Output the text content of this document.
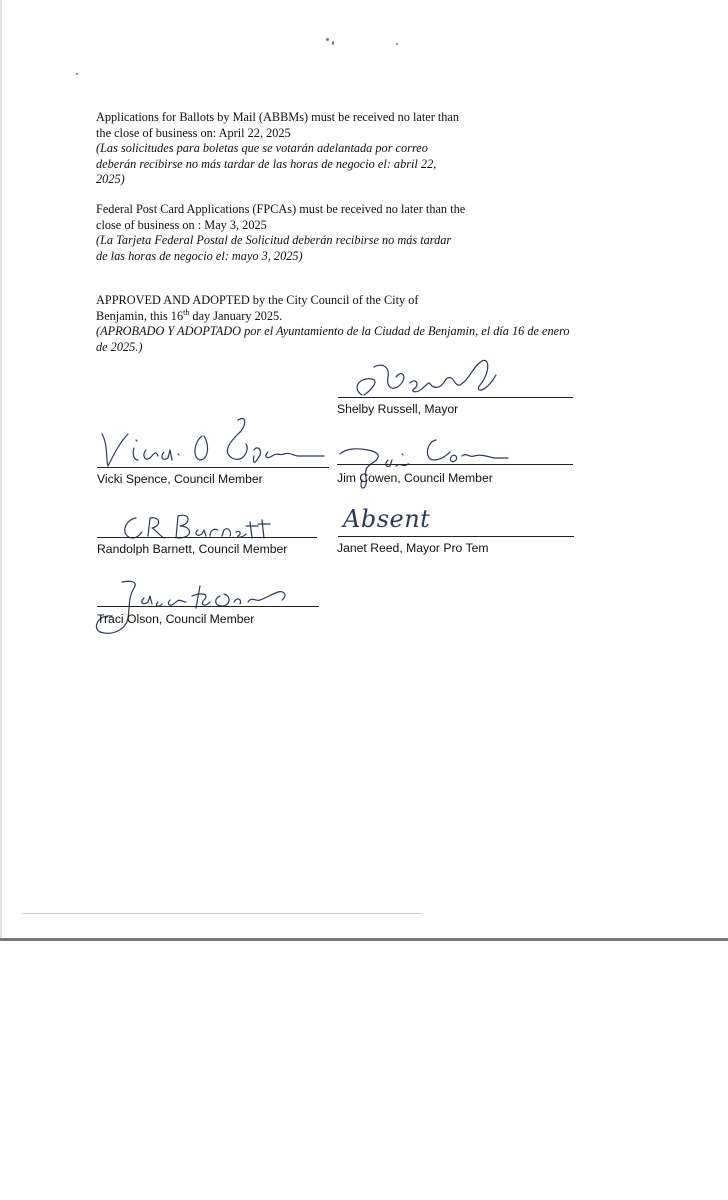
Applications for Ballots by Mail (ABBMs) must be received no later than
the close of business on: April 22, 2025
(Las solicitudes para boletas que se votarán adelantada por correo
deberán recibirse no más tardar de las horas de negocio el: abril 22,
2025)

Federal Post Card Applications (FPCAs) must be received no later than the
close of business on : May 3, 2025
(La Tarjeta Federal Postal de Solicitud deberán recibirse no más tardar
de las horas de negocio el: mayo 3, 2025)

APPROVED AND ADOPTED by the City Council of the City of
Benjamin, this 16th day January 2025.
(APROBADO Y ADOPTADO por el Ayuntamiento de la Ciudad de Benjamin, el día 16 de enero
de 2025.)

Shelby Russell, Mayor
Vicki Spence, Council Member	Jim Cowen, Council Member
Randolph Barnett, Council Member
Absent
Janet Reed, Mayor Pro Tem
Traci Olson, Council Member
